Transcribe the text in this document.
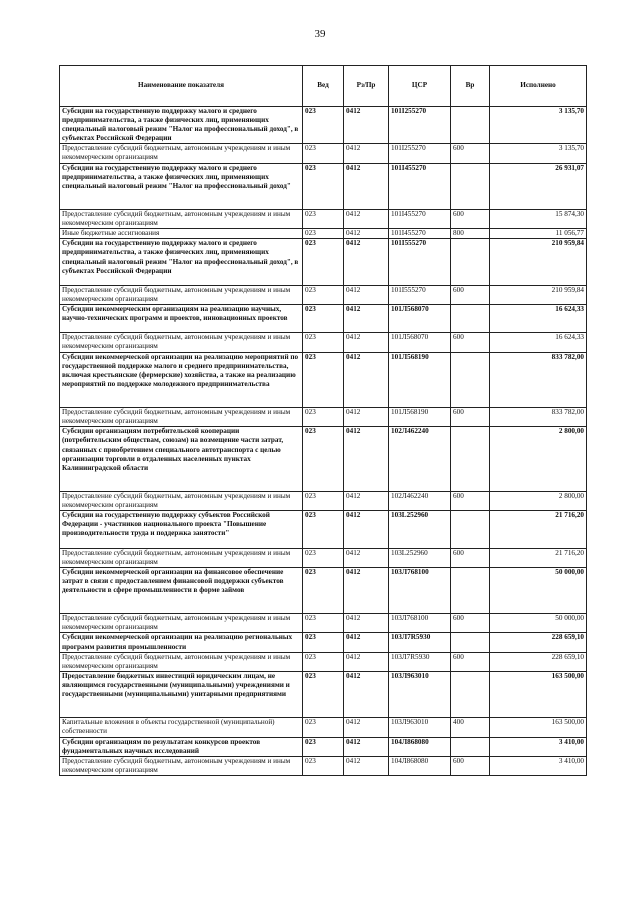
39
Наименование показателя	Вед	Рз/Пр	ЦСР	Вр	Исполнено
Субсидии на государственную поддержку малого и среднего предпринимательства, а также физических лиц, применяющих специальный налоговый режим "Налог на профессиональный доход", в субъектах Российской Федерации	023	0412	101I255270		3 135,70
Предоставление субсидий бюджетным, автономным учреждениям и иным некоммерческим организациям	023	0412	101I255270	600	3 135,70
Субсидии на государственную поддержку малого и среднего предпринимательства, а также физических лиц, применяющих специальный налоговый режим "Налог на профессиональный доход"	023	0412	101I455270		26 931,07
Предоставление субсидий бюджетным, автономным учреждениям и иным некоммерческим организациям	023	0412	101I455270	600	15 874,30
Иные бюджетные ассигнования	023	0412	101I455270	800	11 056,77
Субсидии на государственную поддержку малого и среднего предпринимательства, а также физических лиц, применяющих специальный налоговый режим "Налог на профессиональный доход", в субъектах Российской Федерации	023	0412	101I555270		210 959,84
Предоставление субсидий бюджетным, автономным учреждениям и иным некоммерческим организациям	023	0412	101I555270	600	210 959,84
Субсидии некоммерческим организациям на реализацию научных, научно-технических программ и проектов, инновационных проектов	023	0412	101Л568070		16 624,33
Предоставление субсидий бюджетным, автономным учреждениям и иным некоммерческим организациям	023	0412	101Л568070	600	16 624,33
Субсидии некоммерческой организации на реализацию мероприятий по государственной поддержке малого и среднего предпринимательства, включая крестьянские (фермерские) хозяйства, а также на реализацию мероприятий по поддержке молодежного предпринимательства	023	0412	101Л568190		833 782,00
Предоставление субсидий бюджетным, автономным учреждениям и иным некоммерческим организациям	023	0412	101Л568190	600	833 782,00
Субсидии организациям потребительской кооперации (потребительским обществам, союзам) на возмещение части затрат, связанных с приобретением специального автотранспорта с целью организации торговли в отдаленных населенных пунктах Калининградской области	023	0412	102Л462240		2 800,00
Предоставление субсидий бюджетным, автономным учреждениям и иным некоммерческим организациям	023	0412	102Л462240	600	2 800,00
Субсидии на государственную поддержку субъектов Российской Федерации - участников национального проекта "Повышение производительности труда и поддержка занятости"	023	0412	103L252960		21 716,20
Предоставление субсидий бюджетным, автономным учреждениям и иным некоммерческим организациям	023	0412	103L252960	600	21 716,20
Субсидии некоммерческой организации на финансовое обеспечение затрат в связи с предоставлением финансовой поддержки субъектов деятельности в сфере промышленности в форме займов	023	0412	103Л768100		50 000,00
Предоставление субсидий бюджетным, автономным учреждениям и иным некоммерческим организациям	023	0412	103Л768100	600	50 000,00
Субсидии некоммерческой организации на реализацию региональных программ развития промышленности	023	0412	103Л7R5930		228 659,10
Предоставление субсидий бюджетным, автономным учреждениям и иным некоммерческим организациям	023	0412	103Л7R5930	600	228 659,10
Предоставление бюджетных инвестиций юридическим лицам, не являющимся государственными (муниципальными) учреждениями и государственными (муниципальными) унитарными предприятиями	023	0412	103Л963010		163 500,00
Капитальные вложения в объекты государственной (муниципальной) собственности	023	0412	103Л963010	400	163 500,00
Субсидии организациям по результатам конкурсов проектов фундаментальных научных исследований	023	0412	104Л868080		3 410,00
Предоставление субсидий бюджетным, автономным учреждениям и иным некоммерческим организациям	023	0412	104Л868080	600	3 410,00
